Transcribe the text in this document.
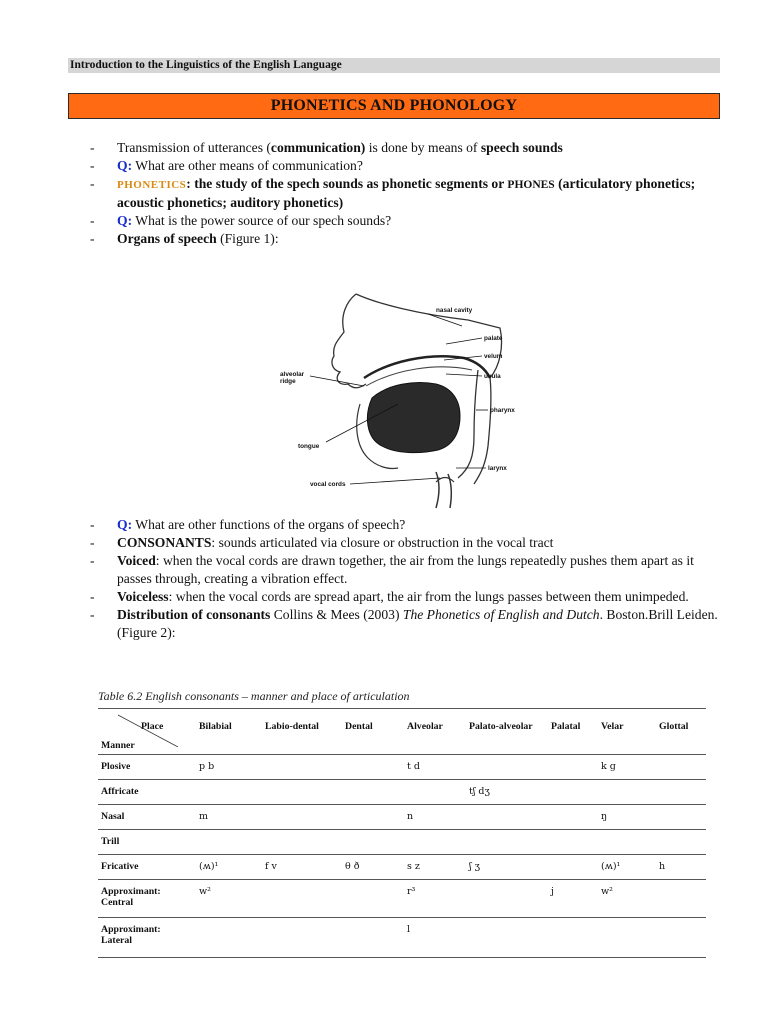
Introduction to the Linguistics of the English Language
PHONETICS AND PHONOLOGY
- Transmission of utterances (communication) is done by means of speech sounds
- Q: What are other means of communication?
- PHONETICS: the study of the spech sounds as phonetic segments or PHONES (articulatory phonetics; acoustic phonetics; auditory phonetics)
- Q: What is the power source of our spech sounds?
- Organs of speech (Figure 1):
nasal cavity
palate
velum
uvula
alveolar
ridge
pharynx
tongue
larynx
vocal cords
- Q: What are other functions of the organs of speech?
- CONSONANTS: sounds articulated via closure or obstruction in the vocal tract
- Voiced: when the vocal cords are drawn together, the air from the lungs repeatedly pushes them apart as it passes through, creating a vibration effect.
- Voiceless: when the vocal cords are spread apart, the air from the lungs passes between them unimpeded.
- Distribution of consonants Collins & Mees (2003) The Phonetics of English and Dutch. Boston.Brill Leiden. (Figure 2):
Table 6.2 English consonants – manner and place of articulation
Place
Manner	Bilabial	Labio-dental	Dental	Alveolar	Palato-alveolar	Palatal	Velar	Glottal
Plosive	p b			t d			k g	
Affricate					tʃ dʒ			
Nasal	m			n			ŋ	
Trill								
Fricative	(ʍ)¹	f v	θ ð	s z	ʃ ʒ		(ʍ)¹	h

Approximant:
Central	w²			r³		j	w²	

Approximant:
Lateral				l				
